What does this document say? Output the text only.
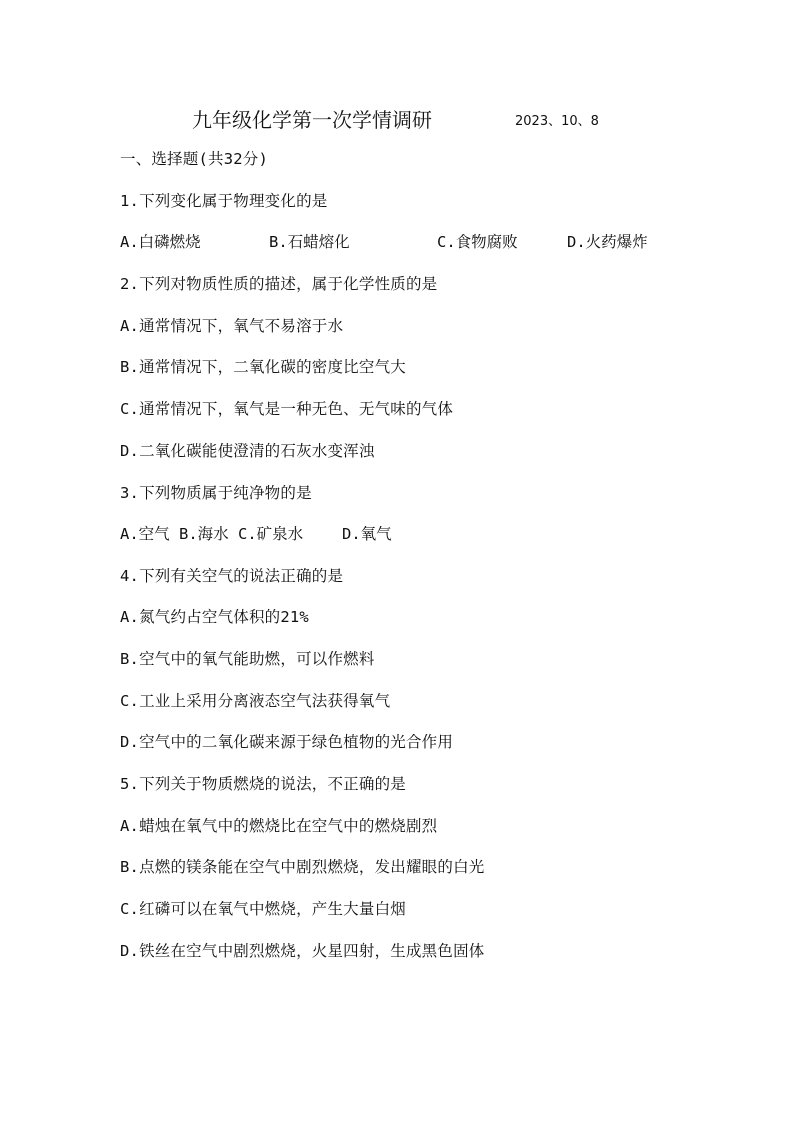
九年级化学第一次学情调研	2023、10、8
一、选择题(共32分)
1.下列变化属于物理变化的是
A.白磷燃烧	B.石蜡熔化	C.食物腐败	D.火药爆炸
2.下列对物质性质的描述，属于化学性质的是
A.通常情况下，氧气不易溶于水
B.通常情况下，二氧化碳的密度比空气大
C.通常情况下，氧气是一种无色、无气味的气体
D.二氧化碳能使澄清的石灰水变浑浊
3.下列物质属于纯净物的是
A.空气 B.海水 C.矿泉水	D.氧气
4.下列有关空气的说法正确的是
A.氮气约占空气体积的21%
B.空气中的氧气能助燃，可以作燃料
C.工业上采用分离液态空气法获得氧气
D.空气中的二氧化碳来源于绿色植物的光合作用
5.下列关于物质燃烧的说法，不正确的是
A.蜡烛在氧气中的燃烧比在空气中的燃烧剧烈
B.点燃的镁条能在空气中剧烈燃烧，发出耀眼的白光
C.红磷可以在氧气中燃烧，产生大量白烟
D.铁丝在空气中剧烈燃烧，火星四射，生成黑色固体
